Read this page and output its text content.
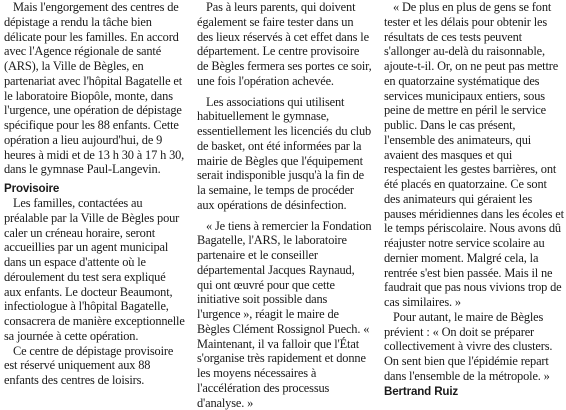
Mais l'engorgement des centres de dépistage a rendu la tâche bien délicate pour les familles. En accord avec l'Agence régionale de santé (ARS), la Ville de Bègles, en partenariat avec l'hôpital Bagatelle et le laboratoire Biopôle, monte, dans l'urgence, une opération de dépistage spécifique pour les 88 enfants. Cette opération a lieu aujourd'hui, de 9 heures à midi et de 13 h 30 à 17 h 30, dans le gymnase Paul-Langevin.

Provisoire

Les familles, contactées au préalable par la Ville de Bègles pour caler un créneau horaire, seront accueillies par un agent municipal dans un espace d'attente où le déroulement du test sera expliqué aux enfants. Le docteur Beaumont, infectiologue à l'hôpital Bagatelle, consacrera de manière exceptionnelle sa journée à cette opération.

Ce centre de dépistage provisoire est réservé uniquement aux 88 enfants des centres de loisirs.

Pas à leurs parents, qui doivent également se faire tester dans un des lieux réservés à cet effet dans le département. Le centre provisoire de Bègles fermera ses portes ce soir, une fois l'opération achevée.

Les associations qui utilisent habituellement le gymnase, essentiellement les licenciés du club de basket, ont été informées par la mairie de Bègles que l'équipement serait indisponible jusqu'à la fin de la semaine, le temps de procéder aux opérations de désinfection.

« Je tiens à remercier la Fondation Bagatelle, l'ARS, le laboratoire partenaire et le conseiller départemental Jacques Raynaud, qui ont œuvré pour que cette initiative soit possible dans l'urgence », réagit le maire de Bègles Clément Rossignol Puech. « Maintenant, il va falloir que l'État s'organise très rapidement et donne les moyens nécessaires à l'accélération des processus d'analyse. »

« De plus en plus de gens se font tester et les délais pour obtenir les résultats de ces tests peuvent s'allonger au-delà du raisonnable, ajoute-t-il. Or, on ne peut pas mettre en quatorzaine systématique des services municipaux entiers, sous peine de mettre en péril le service public. Dans le cas présent, l'ensemble des animateurs, qui avaient des masques et qui respectaient les gestes barrières, ont été placés en quatorzaine. Ce sont des animateurs qui géraient les pauses méridiennes dans les écoles et le temps périscolaire. Nous avons dû réajuster notre service scolaire au dernier moment. Malgré cela, la rentrée s'est bien passée. Mais il ne faudrait que pas nous vivions trop de cas similaires. »

Pour autant, le maire de Bègles prévient : « On doit se préparer collectivement à vivre des clusters. On sent bien que l'épidémie repart dans l'ensemble de la métropole. »

Bertrand Ruiz
